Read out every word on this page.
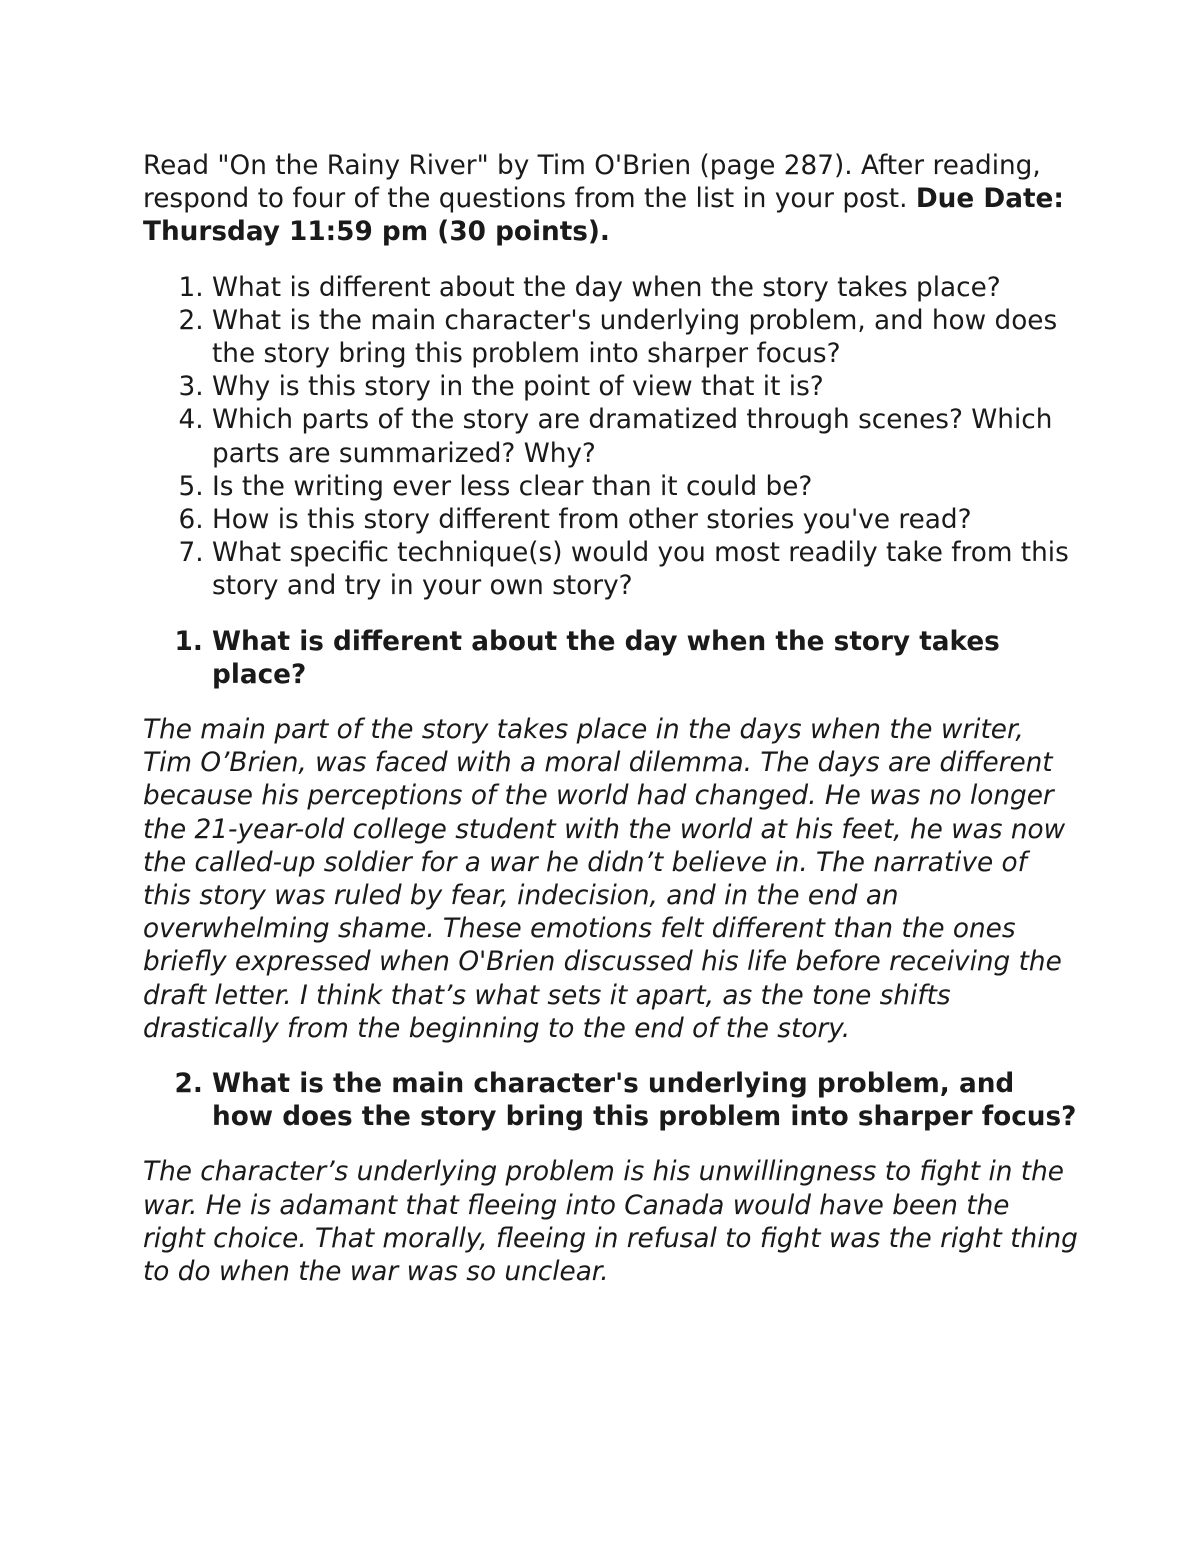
Read "On the Rainy River" by Tim O'Brien (page 287). After reading, respond to four of the questions from the list in your post. Due Date: Thursday 11:59 pm (30 points).

1. What is different about the day when the story takes place?
2. What is the main character's underlying problem, and how does the story bring this problem into sharper focus?
3. Why is this story in the point of view that it is?
4. Which parts of the story are dramatized through scenes? Which parts are summarized? Why?
5. Is the writing ever less clear than it could be?
6. How is this story different from other stories you've read?
7. What specific technique(s) would you most readily take from this story and try in your own story?
1. What is different about the day when the story takes place?

The main part of the story takes place in the days when the writer, Tim O’Brien, was faced with a moral dilemma. The days are different because his perceptions of the world had changed. He was no longer the 21-year-old college student with the world at his feet, he was now the called-up soldier for a war he didn’t believe in. The narrative of this story was ruled by fear, indecision, and in the end an overwhelming shame. These emotions felt different than the ones briefly expressed when O'Brien discussed his life before receiving the draft letter. I think that’s what sets it apart, as the tone shifts drastically from the beginning to the end of the story.

2. What is the main character's underlying problem, and how does the story bring this problem into sharper focus?

The character’s underlying problem is his unwillingness to fight in the war. He is adamant that fleeing into Canada would have been the right choice. That morally, fleeing in refusal to fight was the right thing to do when the war was so unclear.
